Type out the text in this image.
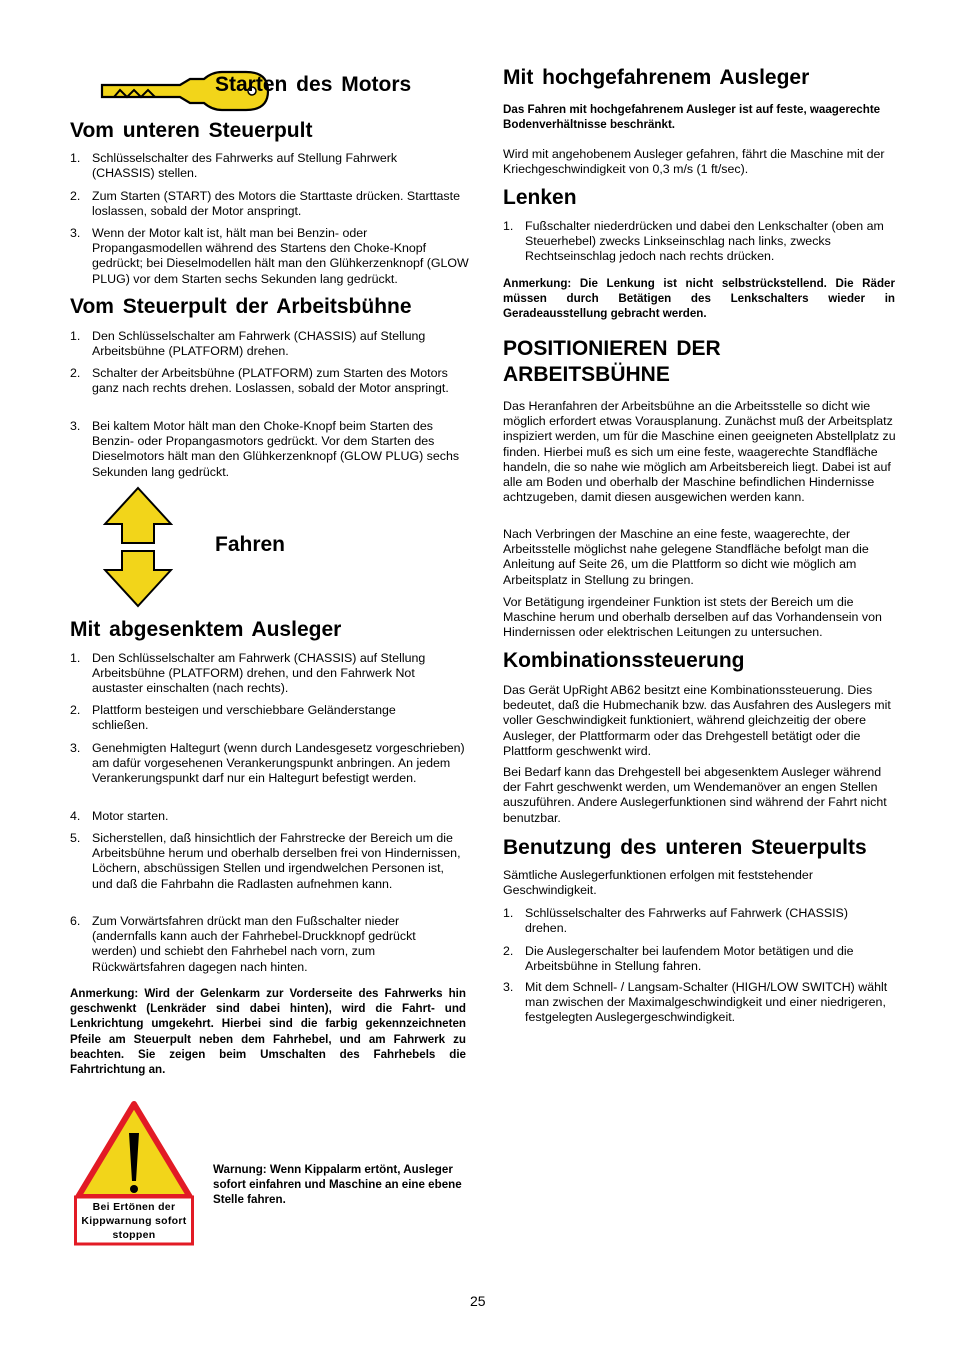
Starten des Motors
Vom unteren Steuerpult
1. Schlüsselschalter des Fahrwerks auf Stellung Fahrwerk (CHASSIS) stellen.
2. Zum Starten (START) des Motors die Starttaste drücken. Starttaste loslassen, sobald der Motor anspringt.
3. Wenn der Motor kalt ist, hält man bei Benzin- oder Propangasmodellen während des Startens den Choke-Knopf gedrückt; bei Dieselmodellen hält man den Glühkerzenknopf (GLOW PLUG) vor dem Starten sechs Sekunden lang gedrückt.
Vom Steuerpult der Arbeitsbühne
1. Den Schlüsselschalter am Fahrwerk (CHASSIS) auf Stellung Arbeitsbühne (PLATFORM) drehen.
2. Schalter der Arbeitsbühne (PLATFORM) zum Starten des Motors ganz nach rechts drehen. Loslassen, sobald der Motor anspringt.
3. Bei kaltem Motor hält man den Choke-Knopf beim Starten des Benzin- oder Propangasmotors gedrückt. Vor dem Starten des Dieselmotors hält man den Glühkerzenknopf (GLOW PLUG) sechs Sekunden lang gedrückt.
Fahren
Mit abgesenktem Ausleger
1. Den Schlüsselschalter am Fahrwerk (CHASSIS) auf Stellung Arbeitsbühne (PLATFORM) drehen, und den Fahrwerk Not austaster einschalten (nach rechts).
2. Plattform besteigen und verschiebbare Geländerstange schließen.
3. Genehmigten Haltegurt (wenn durch Landesgesetz vorgeschrieben) am dafür vorgesehenen Verankerungspunkt anbringen. An jedem Verankerungspunkt darf nur ein Haltegurt befestigt werden.
4. Motor starten.
5. Sicherstellen, daß hinsichtlich der Fahrstrecke der Bereich um die Arbeitsbühne herum und oberhalb derselben frei von Hindernissen, Löchern, abschüssigen Stellen und irgendwelchen Personen ist, und daß die Fahrbahn die Radlasten aufnehmen kann.
6. Zum Vorwärtsfahren drückt man den Fußschalter nieder (andernfalls kann auch der Fahrhebel-Druckknopf gedrückt werden) und schiebt den Fahrhebel nach vorn, zum Rückwärtsfahren dagegen nach hinten.
Anmerkung: Wird der Gelenkarm zur Vorderseite des Fahrwerks hin geschwenkt (Lenkräder sind dabei hinten), wird die Fahrt- und Lenkrichtung umgekehrt. Hierbei sind die farbig gekennzeichneten Pfeile am Steuerpult neben dem Fahrhebel, und am Fahrwerk zu beachten. Sie zeigen beim Umschalten des Fahrhebels die Fahrtrichtung an.
Bei Ertönen der Kippwarnung sofort stoppen
Warnung: Wenn Kippalarm ertönt, Ausleger sofort einfahren und Maschine an eine ebene Stelle fahren.
Mit hochgefahrenem Ausleger
Das Fahren mit hochgefahrenem Ausleger ist auf feste, waagerechte Bodenverhältnisse beschränkt.
Wird mit angehobenem Ausleger gefahren, fährt die Maschine mit der Kriechgeschwindigkeit von 0,3 m/s (1 ft/sec).
Lenken
1. Fußschalter niederdrücken und dabei den Lenkschalter (oben am Steuerhebel) zwecks Linkseinschlag nach links, zwecks Rechtseinschlag jedoch nach rechts drücken.
Anmerkung: Die Lenkung ist nicht selbstrückstellend. Die Räder müssen durch Betätigen des Lenkschalters wieder in Geradeausstellung gebracht werden.
POSITIONIEREN DER
ARBEITSBÜHNE
Das Heranfahren der Arbeitsbühne an die Arbeitsstelle so dicht wie möglich erfordert etwas Vorausplanung. Zunächst muß der Arbeitsplatz inspiziert werden, um für die Maschine einen geeigneten Abstellplatz zu finden. Hierbei muß es sich um eine feste, waagerechte Standfläche handeln, die so nahe wie möglich am Arbeitsbereich liegt. Dabei ist auf alle am Boden und oberhalb der Maschine befindlichen Hindernisse achtzugeben, damit diesen ausgewichen werden kann.
Nach Verbringen der Maschine an eine feste, waagerechte, der Arbeitsstelle möglichst nahe gelegene Standfläche befolgt man die Anleitung auf Seite 26, um die Plattform so dicht wie möglich am Arbeitsplatz in Stellung zu bringen.
Vor Betätigung irgendeiner Funktion ist stets der Bereich um die Maschine herum und oberhalb derselben auf das Vorhandensein von Hindernissen oder elektrischen Leitungen zu untersuchen.
Kombinationssteuerung
Das Gerät UpRight AB62 besitzt eine Kombinationssteuerung. Dies bedeutet, daß die Hubmechanik bzw. das Ausfahren des Auslegers mit voller Geschwindigkeit funktioniert, während gleichzeitig der obere Ausleger, der Plattformarm oder das Drehgestell betätigt oder die Plattform geschwenkt wird.
Bei Bedarf kann das Drehgestell bei abgesenktem Ausleger während der Fahrt geschwenkt werden, um Wendemanöver an engen Stellen auszuführen. Andere Auslegerfunktionen sind während der Fahrt nicht benutzbar.
Benutzung des unteren Steuerpults
Sämtliche Auslegerfunktionen erfolgen mit feststehender Geschwindigkeit.
1. Schlüsselschalter des Fahrwerks auf Fahrwerk (CHASSIS) drehen.
2. Die Auslegerschalter bei laufendem Motor betätigen und die Arbeitsbühne in Stellung fahren.
3. Mit dem Schnell- / Langsam-Schalter (HIGH/LOW SWITCH) wählt man zwischen der Maximalgeschwindigkeit und einer niedrigeren, festgelegten Auslegergeschwindigkeit.
25
